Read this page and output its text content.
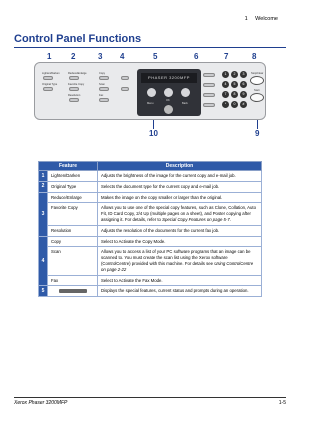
1 Welcome
Control Panel Functions
1 2	3 4	5	6	7	8
9
10
Lighten/Darken
Original Type
Reduce/Enlarge
Favorite Copy
Resolution
Copy
Scan
Fax
PHASER 3200MFP
Menu
OK
Back
1	2	3
4	5	6
7	8	9
*	0	#
Stop/Clear
Start
Feature		Description
1	Lighten/Darken	Adjusts the brightness of the image for the current copy and e-mail job.
2	Original Type	Selects the document type for the current copy and e-mail job.
3	Reduce/Enlarge	Makes the image on the copy smaller or larger than the original.
	Favorite Copy	Allows you to use one of the special copy features, such as Clone, Collation, Auto Fit, ID Card Copy, 2/4 Up (multiple pages on a sheet), and Poster copying after assigning it. For details, refer to Special Copy Features on page 5-7.
	Resolution	Adjusts the resolution of the documents for the current fax job.
4	Copy	Select to Activate the Copy Mode.
	Scan	Allows you to access a list of your PC software programs that an image can be scanned to. You must create the scan list using the Xerox software (ControlCentre) provided with this machine. For details see Using ControlCentre on page 2-22
	Fax	Select to Activate the Fax Mode.
5		Displays the special features, current status and prompts during an operation.
Xerox Phaser 3200MFP	1-5
